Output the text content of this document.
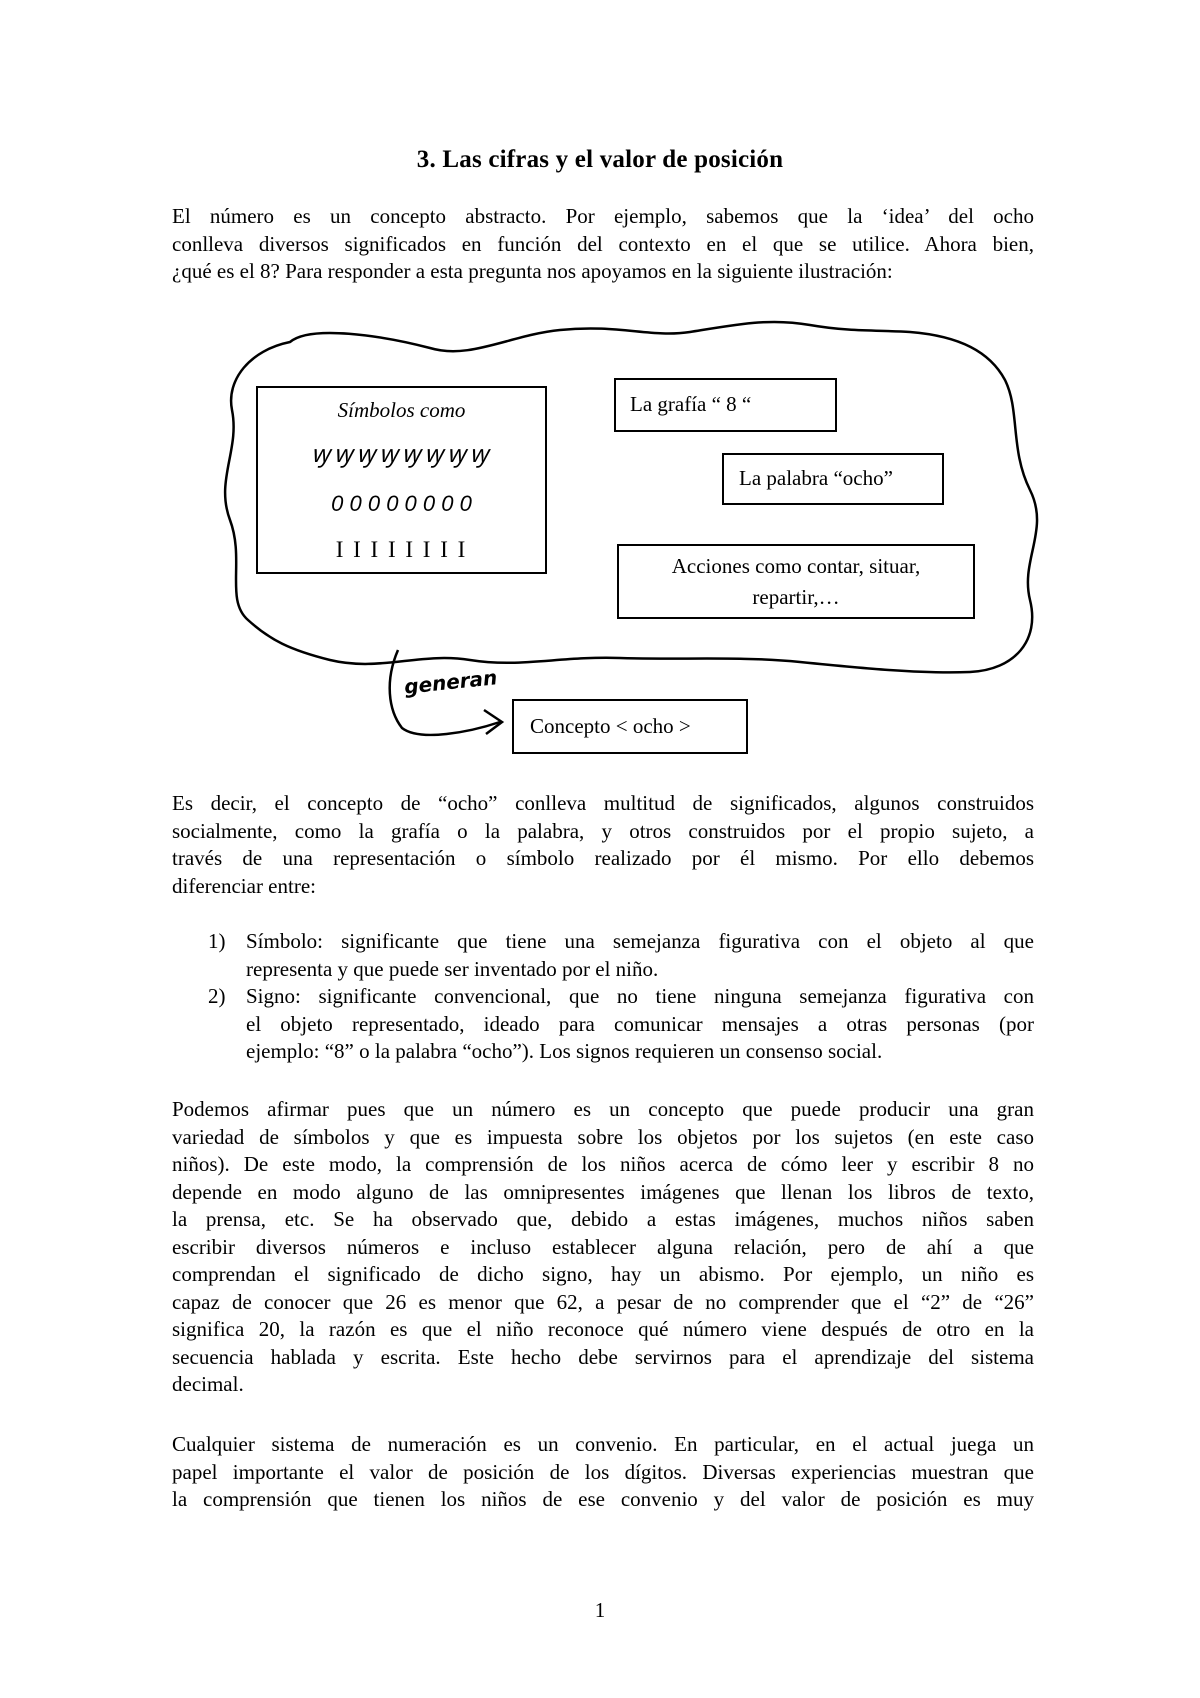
3. Las cifras y el valor de posición

El número es un concepto abstracto. Por ejemplo, sabemos que la ‘idea’ del ocho
conlleva diversos significados en función del contexto en el que se utilice. Ahora bien,
¿qué es el 8? Para responder a esta pregunta nos apoyamos en la siguiente ilustración:

Símbolos como
ꝡꝡꝡꝡꝡꝡꝡꝡ
0 0 0 0 0 0 0 0
I I I I I I I I
La grafía “ 8 “
La palabra “ocho”
Acciones como contar, situar,
repartir,…
generan
Concepto < ocho >

Es decir, el concepto de “ocho” conlleva multitud de significados, algunos construidos
socialmente, como la grafía o la palabra, y otros construidos por el propio sujeto, a
través de una representación o símbolo realizado por él mismo. Por ello debemos
diferenciar entre:

1) Símbolo: significante que tiene una semejanza figurativa con el objeto al que
representa y que puede ser inventado por el niño.
2) Signo: significante convencional, que no tiene ninguna semejanza figurativa con
el objeto representado, ideado para comunicar mensajes a otras personas (por
ejemplo: “8” o la palabra “ocho”). Los signos requieren un consenso social.

Podemos afirmar pues que un número es un concepto que puede producir una gran
variedad de símbolos y que es impuesta sobre los objetos por los sujetos (en este caso
niños). De este modo, la comprensión de los niños acerca de cómo leer y escribir 8 no
depende en modo alguno de las omnipresentes imágenes que llenan los libros de texto,
la prensa, etc. Se ha observado que, debido a estas imágenes, muchos niños saben
escribir diversos números e incluso establecer alguna relación, pero de ahí a que
comprendan el significado de dicho signo, hay un abismo. Por ejemplo, un niño es
capaz de conocer que 26 es menor que 62, a pesar de no comprender que el “2” de “26”
significa 20, la razón es que el niño reconoce qué número viene después de otro en la
secuencia hablada y escrita. Este hecho debe servirnos para el aprendizaje del sistema
decimal.

Cualquier sistema de numeración es un convenio. En particular, en el actual juega un
papel importante el valor de posición de los dígitos. Diversas experiencias muestran que
la comprensión que tienen los niños de ese convenio y del valor de posición es muy

1
